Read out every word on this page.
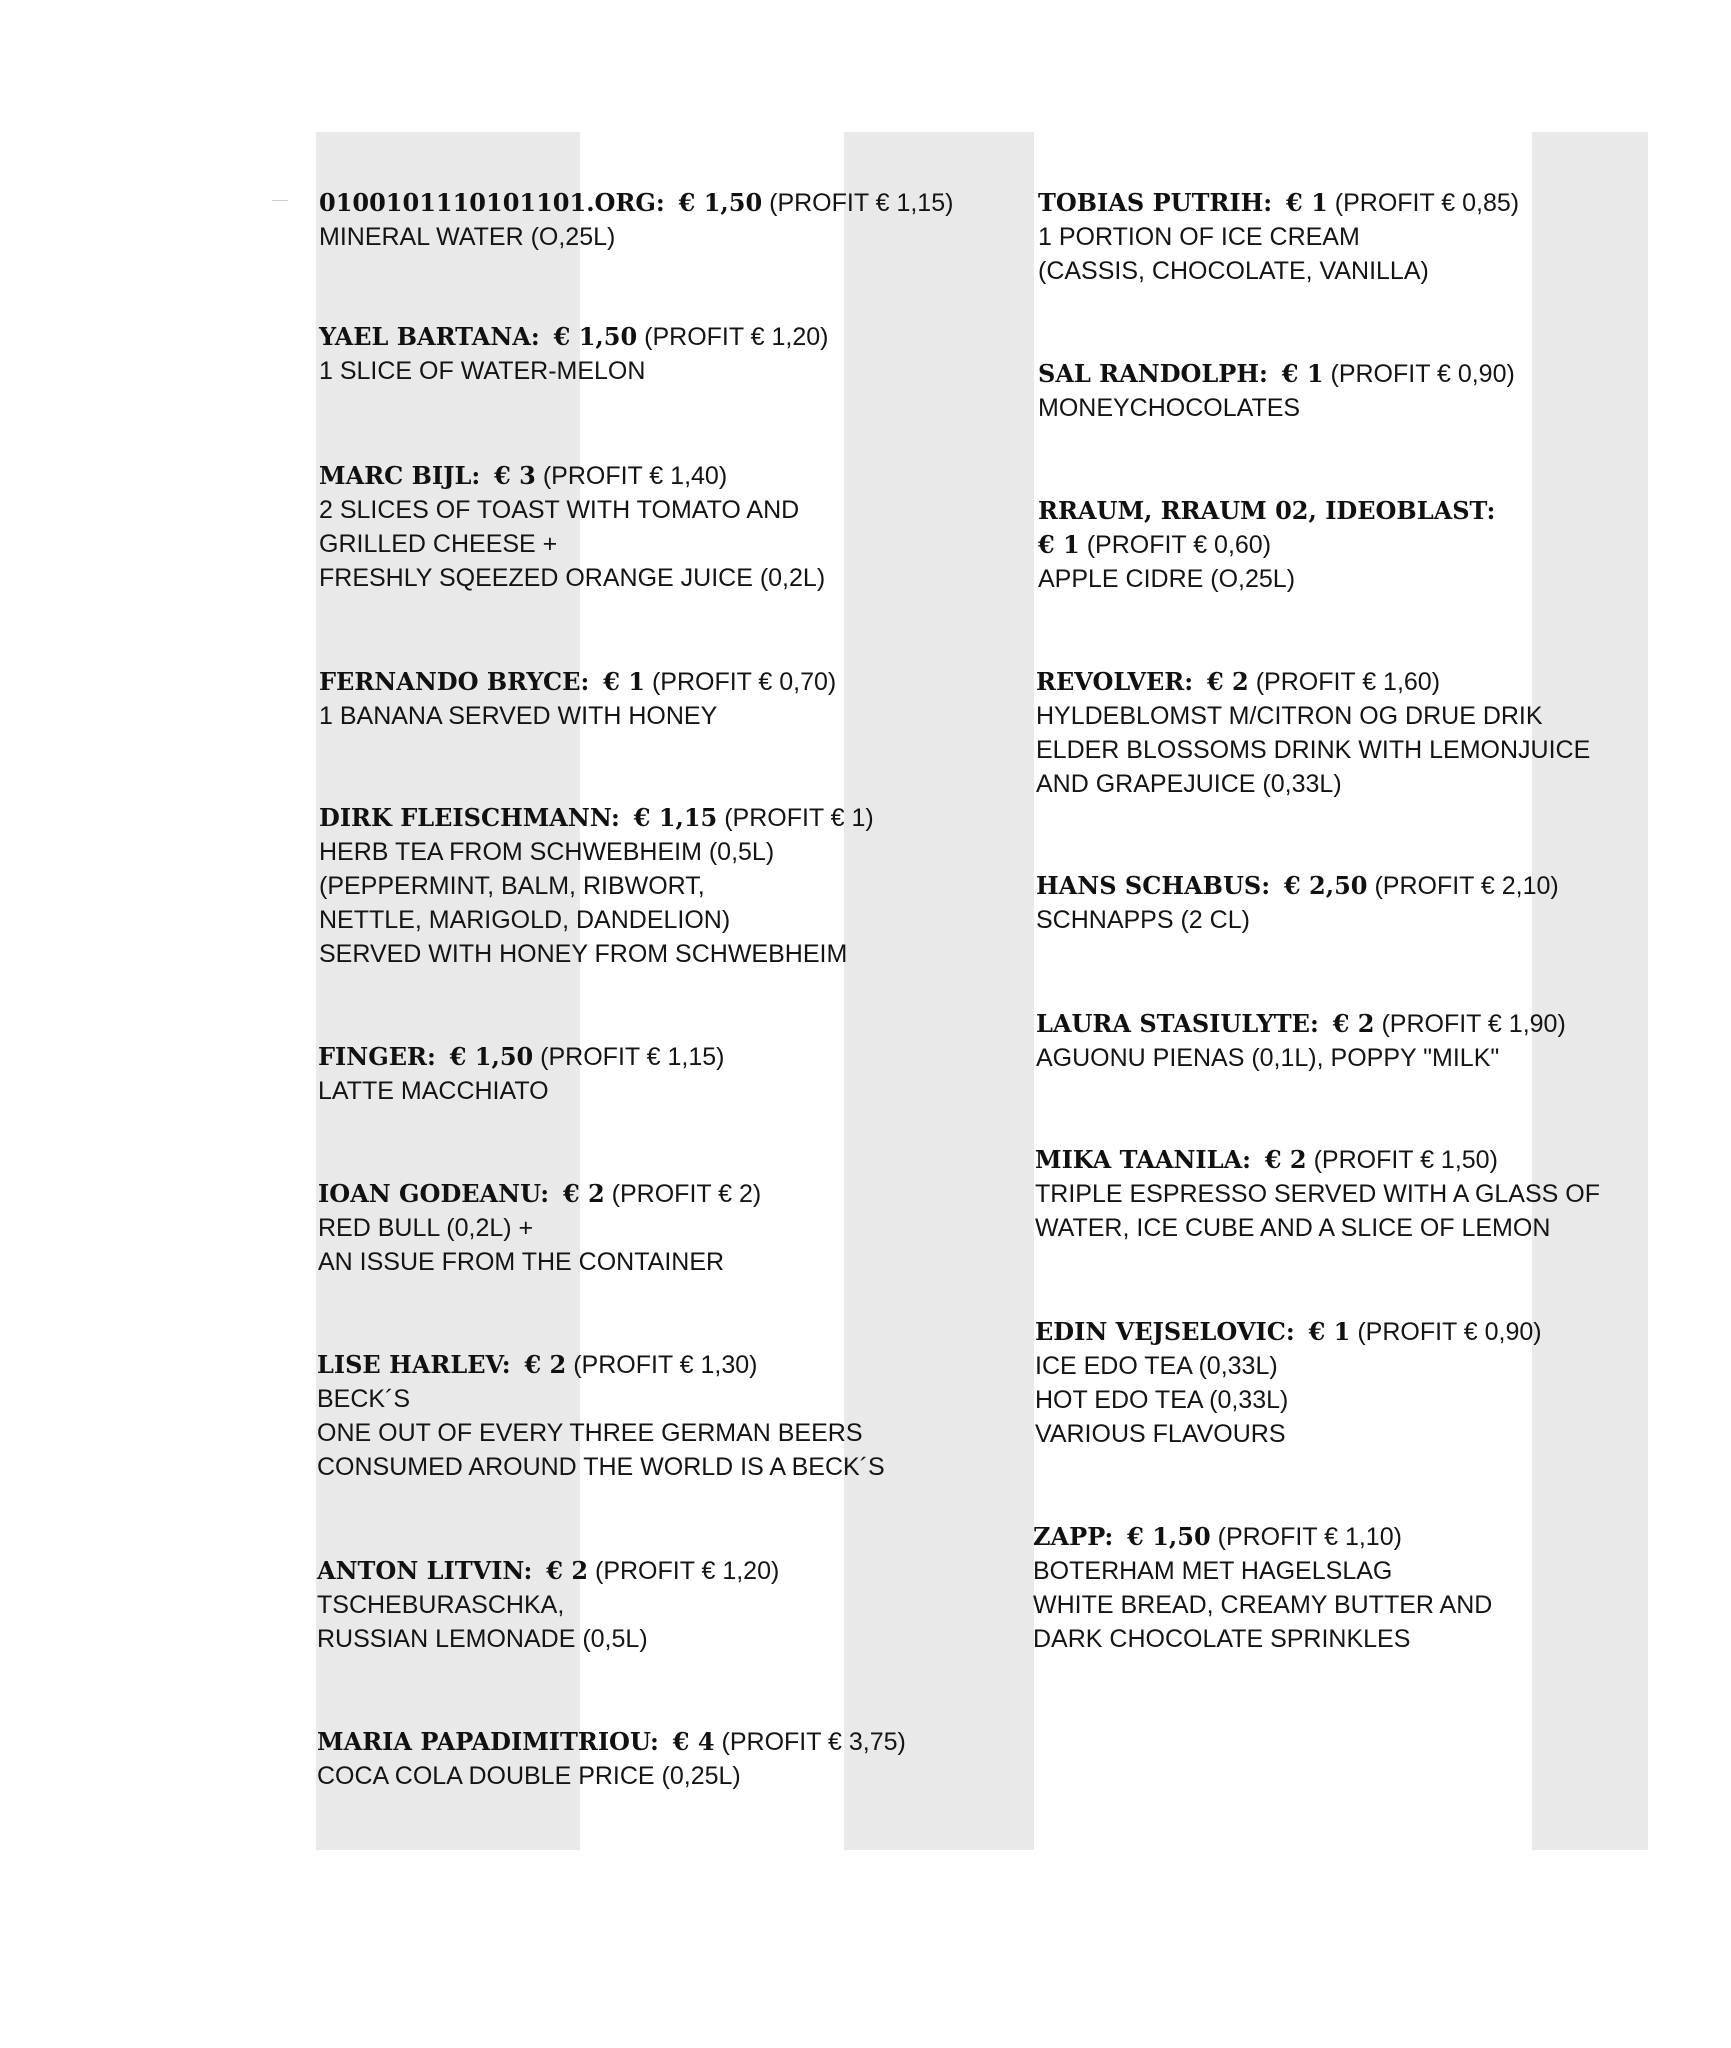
0100101110101101.ORG: € 1,50 (PROFIT € 1,15)
MINERAL WATER (O,25L)
YAEL BARTANA: € 1,50 (PROFIT € 1,20)
1 SLICE OF WATER-MELON
MARC BIJL: € 3 (PROFIT € 1,40)
2 SLICES OF TOAST WITH TOMATO AND
GRILLED CHEESE +
FRESHLY SQEEZED ORANGE JUICE (0,2L)
FERNANDO BRYCE: € 1 (PROFIT € 0,70)
1 BANANA SERVED WITH HONEY
DIRK FLEISCHMANN: € 1,15 (PROFIT € 1)
HERB TEA FROM SCHWEBHEIM (0,5L)
(PEPPERMINT, BALM, RIBWORT,
NETTLE, MARIGOLD, DANDELION)
SERVED WITH HONEY FROM SCHWEBHEIM
FINGER: € 1,50 (PROFIT € 1,15)
LATTE MACCHIATO
IOAN GODEANU: € 2 (PROFIT € 2)
RED BULL (0,2L) +
AN ISSUE FROM THE CONTAINER
LISE HARLEV: € 2 (PROFIT € 1,30)
BECK´S
ONE OUT OF EVERY THREE GERMAN BEERS
CONSUMED AROUND THE WORLD IS A BECK´S
ANTON LITVIN: € 2 (PROFIT € 1,20)
TSCHEBURASCHKA,
RUSSIAN LEMONADE (0,5L)
MARIA PAPADIMITRIOU: € 4 (PROFIT € 3,75)
COCA COLA DOUBLE PRICE (0,25L)
TOBIAS PUTRIH: € 1 (PROFIT € 0,85)
1 PORTION OF ICE CREAM
(CASSIS, CHOCOLATE, VANILLA)
SAL RANDOLPH: € 1 (PROFIT € 0,90)
MONEYCHOCOLATES
RRAUM, RRAUM 02, IDEOBLAST:
€ 1 (PROFIT € 0,60)
APPLE CIDRE (O,25L)
REVOLVER: € 2 (PROFIT € 1,60)
HYLDEBLOMST M/CITRON OG DRUE DRIK
ELDER BLOSSOMS DRINK WITH LEMONJUICE
AND GRAPEJUICE (0,33L)
HANS SCHABUS: € 2,50 (PROFIT € 2,10)
SCHNAPPS (2 CL)
LAURA STASIULYTE: € 2 (PROFIT € 1,90)
AGUONU PIENAS (0,1L), POPPY "MILK"
MIKA TAANILA: € 2 (PROFIT € 1,50)
TRIPLE ESPRESSO SERVED WITH A GLASS OF
WATER, ICE CUBE AND A SLICE OF LEMON
EDIN VEJSELOVIC: € 1 (PROFIT € 0,90)
ICE EDO TEA (0,33L)
HOT EDO TEA (0,33L)
VARIOUS FLAVOURS
ZAPP: € 1,50 (PROFIT € 1,10)
BOTERHAM MET HAGELSLAG
WHITE BREAD, CREAMY BUTTER AND
DARK CHOCOLATE SPRINKLES
